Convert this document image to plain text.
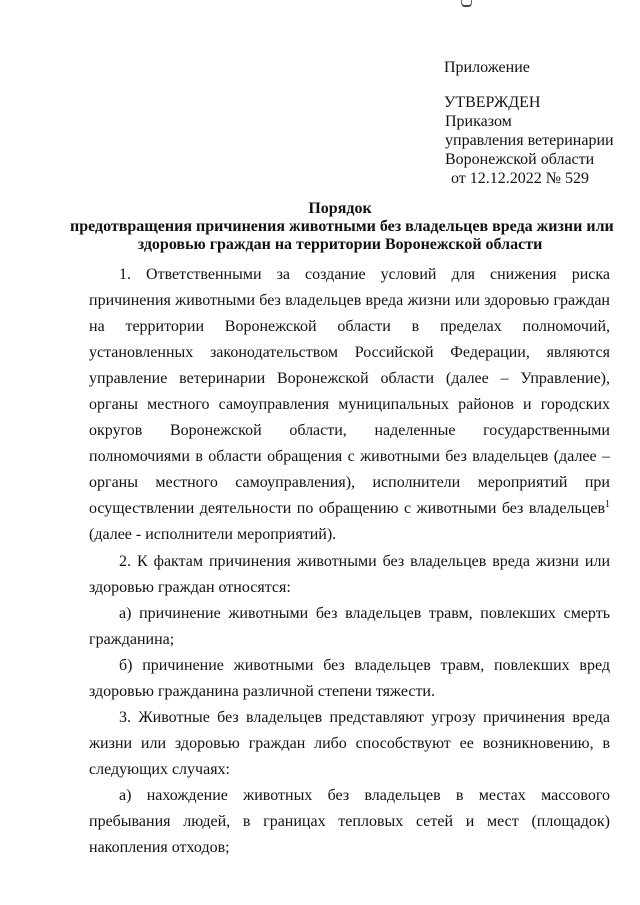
Приложение
УТВЕРЖДЕН
Приказом
управления ветеринарии
Воронежской области
от 12.12.2022 № 529
Порядок
предотвращения причинения животными без владельцев вреда жизни или
здоровью граждан на территории Воронежской области

1. Ответственными за создание условий для снижения риска причинения животными без владельцев вреда жизни или здоровью граждан на территории Воронежской области в пределах полномочий, установленных законодательством Российской Федерации, являются управление ветеринарии Воронежской области (далее – Управление), органы местного самоуправления муниципальных районов и городских округов Воронежской области, наделенные государственными полномочиями в области обращения с животными без владельцев (далее – органы местного самоуправления), исполнители мероприятий при осуществлении деятельности по обращению с животными без владельцев$^1$ (далее - исполнители мероприятий).

2. К фактам причинения животными без владельцев вреда жизни или здоровью граждан относятся:

а) причинение животными без владельцев травм, повлекших смерть гражданина;

б) причинение животными без владельцев травм, повлекших вред здоровью гражданина различной степени тяжести.

3. Животные без владельцев представляют угрозу причинения вреда жизни или здоровью граждан либо способствуют ее возникновению, в следующих случаях:

а) нахождение животных без владельцев в местах массового пребывания людей, в границах тепловых сетей и мест (площадок) накопления отходов;
